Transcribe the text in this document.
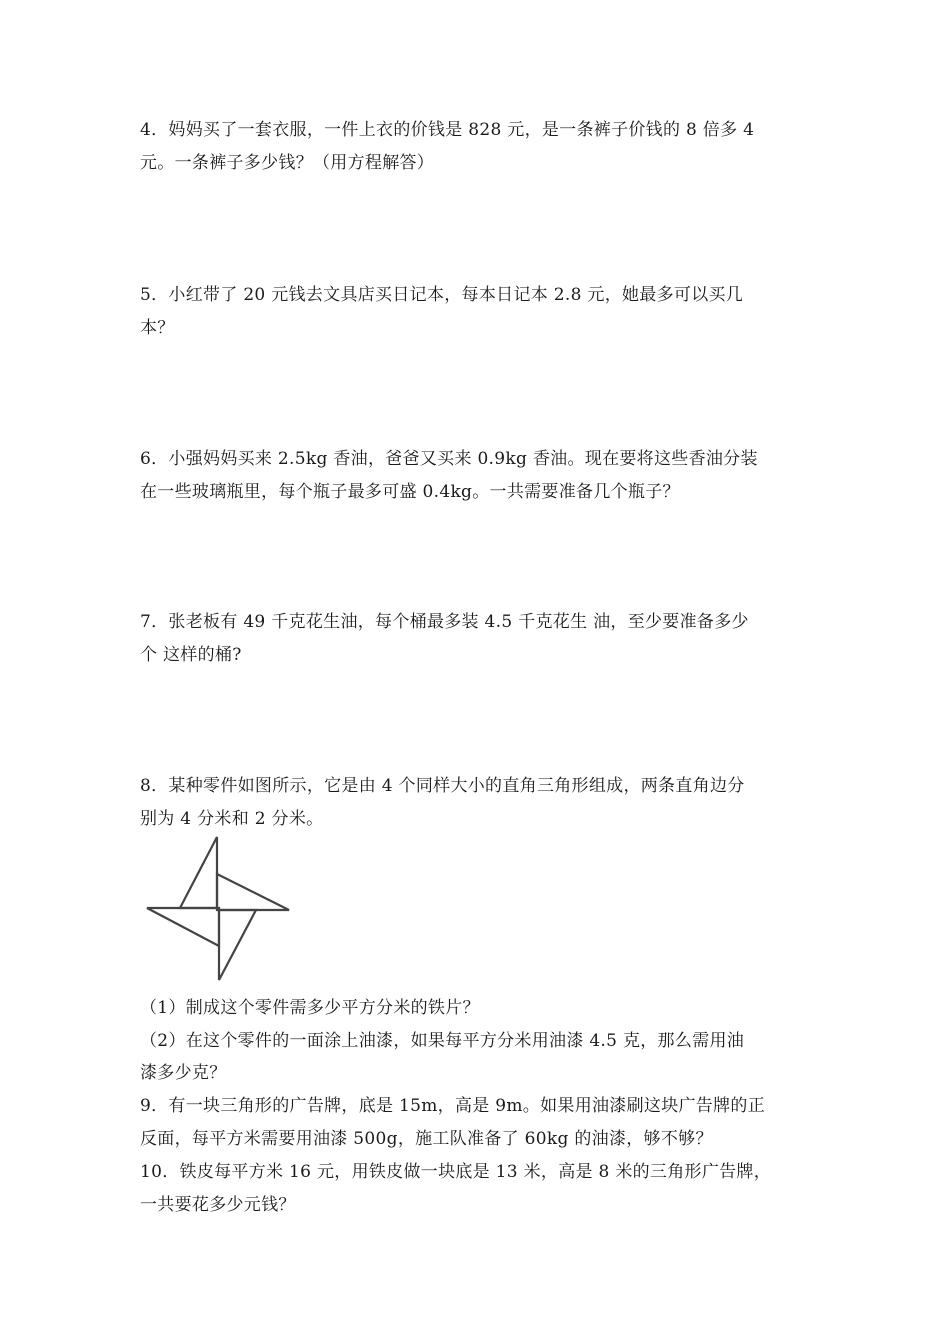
4．妈妈买了一套衣服，一件上衣的价钱是 828 元，是一条裤子价钱的 8 倍多 4
元。一条裤子多少钱？（用方程解答）
5．小红带了 20 元钱去文具店买日记本，每本日记本 2.8 元，她最多可以买几
本？
6．小强妈妈买来 2.5kg 香油，爸爸又买来 0.9kg 香油。现在要将这些香油分装
在一些玻璃瓶里，每个瓶子最多可盛 0.4kg。一共需要准备几个瓶子？
7．张老板有 49 千克花生油，每个桶最多装 4.5 千克花生 油，至少要准备多少
个 这样的桶?
8．某种零件如图所示，它是由 4 个同样大小的直角三角形组成，两条直角边分
别为 4 分米和 2 分米。
（1）制成这个零件需多少平方分米的铁片？
（2）在这个零件的一面涂上油漆，如果每平方分米用油漆 4.5 克，那么需用油
漆多少克？
9．有一块三角形的广告牌，底是 15m，高是 9m。如果用油漆刷这块广告牌的正
反面，每平方米需要用油漆 500g，施工队准备了 60kg 的油漆，够不够？
10．铁皮每平方米 16 元，用铁皮做一块底是 13 米，高是 8 米的三角形广告牌，
一共要花多少元钱？
